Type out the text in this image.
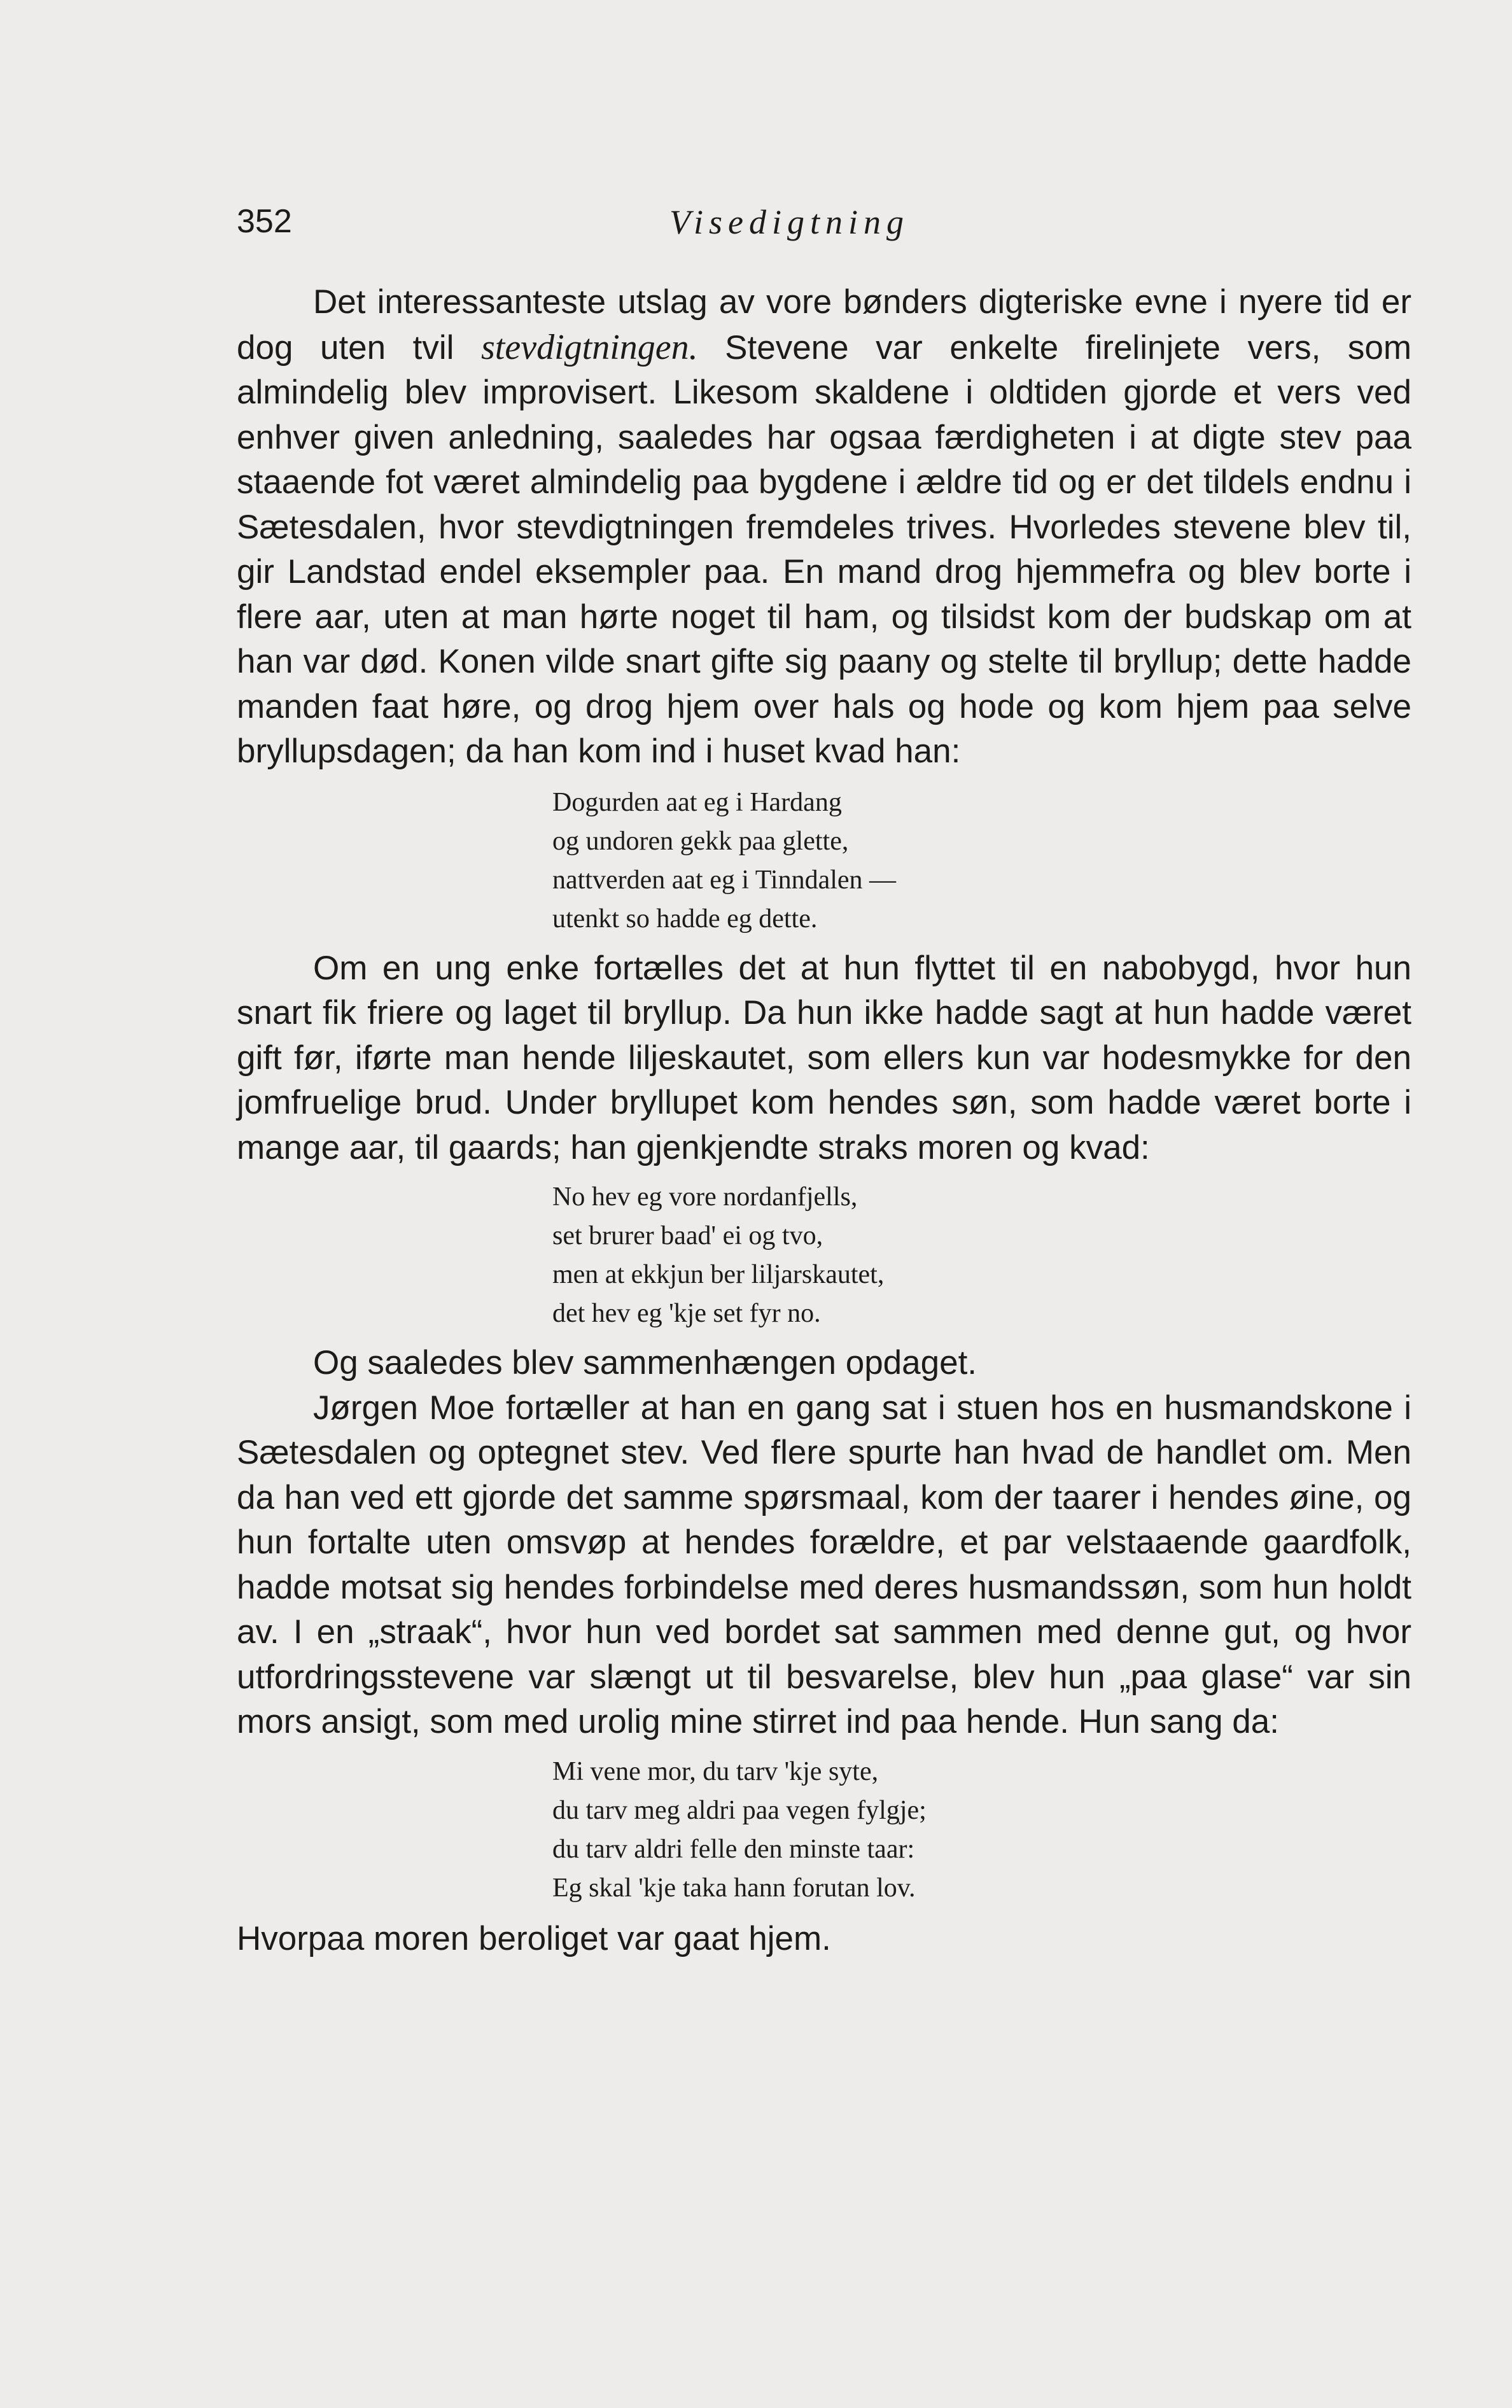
352	Visedigtning

Det interessanteste utslag av vore bønders digteriske evne i nyere tid er dog uten tvil stevdigtningen. Stevene var enkelte firelinjete vers, som almindelig blev improvisert. Likesom skaldene i oldtiden gjorde et vers ved enhver given anledning, saaledes har ogsaa færdigheten i at digte stev paa staaende fot været almindelig paa bygdene i ældre tid og er det tildels endnu i Sætesdalen, hvor stevdigtningen fremdeles trives. Hvorledes stevene blev til, gir Landstad endel eksempler paa. En mand drog hjemmefra og blev borte i flere aar, uten at man hørte noget til ham, og tilsidst kom der budskap om at han var død. Konen vilde snart gifte sig paany og stelte til bryllup; dette hadde manden faat høre, og drog hjem over hals og hode og kom hjem paa selve bryllupsdagen; da han kom ind i huset kvad han:

Dogurden aat eg i Hardang
og undoren gekk paa glette,
nattverden aat eg i Tinndalen —
utenkt so hadde eg dette.

Om en ung enke fortælles det at hun flyttet til en nabobygd, hvor hun snart fik friere og laget til bryllup. Da hun ikke hadde sagt at hun hadde været gift før, iførte man hende liljeskautet, som ellers kun var hodesmykke for den jomfruelige brud. Under bryllupet kom hendes søn, som hadde været borte i mange aar, til gaards; han gjenkjendte straks moren og kvad:

No hev eg vore nordanfjells,
set brurer baad' ei og tvo,
men at ekkjun ber liljarskautet,
det hev eg 'kje set fyr no.

Og saaledes blev sammenhængen opdaget.

Jørgen Moe fortæller at han en gang sat i stuen hos en husmandskone i Sætesdalen og optegnet stev. Ved flere spurte han hvad de handlet om. Men da han ved ett gjorde det samme spørsmaal, kom der taarer i hendes øine, og hun fortalte uten omsvøp at hendes forældre, et par velstaaende gaardfolk, hadde motsat sig hendes forbindelse med deres husmandssøn, som hun holdt av. I en „straak“, hvor hun ved bordet sat sammen med denne gut, og hvor utfordringsstevene var slængt ut til besvarelse, blev hun „paa glase“ var sin mors ansigt, som med urolig mine stirret ind paa hende. Hun sang da:

Mi vene mor, du tarv 'kje syte,
du tarv meg aldri paa vegen fylgje;
du tarv aldri felle den minste taar:
Eg skal 'kje taka hann forutan lov.

Hvorpaa moren beroliget var gaat hjem.
